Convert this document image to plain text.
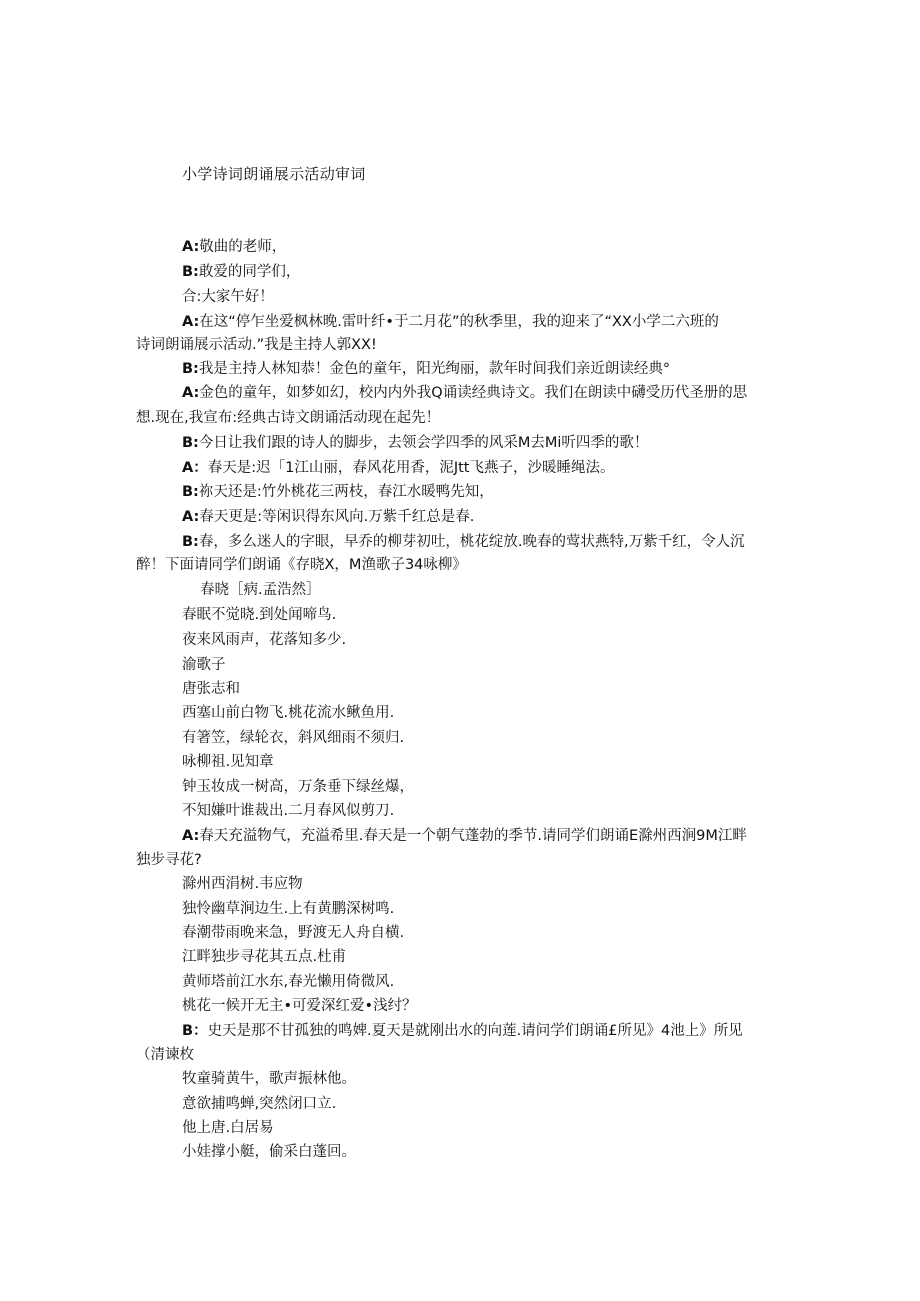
小学诗词朗诵展示活动审词
A:敬曲的老师，
B:敢爱的同学们，
合:大家午好！
A:在这“停乍坐爱枫林晚.雷叶纤•于二月花”的秋季里，我的迎来了“XX小学二六班的
诗词朗诵展示活动.”我是主持人郭XX!
B:我是主持人林知恭！金色的童年，阳光绚丽，款年时间我们亲近朗读经典°
A:金色的童年，如梦如幻，校内内外我Q诵读经典诗文。我们在朗读中礴受历代圣册的思
想.现在,我宣布:经典古诗文朗诵活动现在起先！
B:今日让我们跟的诗人的脚步，去领会学四季的风采M去Mi听四季的歌！
A：春天是:迟「1江山丽，春风花用香，泥Jtt飞燕子，沙暖睡绳法。
B:祢天还是:竹外桃花三两枝，春江水暖鸭先知，
A:春天更是:等闲识得东风向.万紫千红总是春.
B:春，多么迷人的字眼，早乔的柳芽初吐，桃花绽放.晚春的莺状燕特,万紫千红，令人沉
醉！下面请同学们朗诵《存晓X，M渔歌子34咏柳》
春晓［病.孟浩然］
春眠不觉晓.到处闻啼鸟.
夜来风雨声，花落知多少.
渝歌子
唐张志和
西塞山前白物飞.桃花流水鳅鱼用.
有箸笠，绿轮衣，斜风细雨不须归.
咏柳祖.见知章
钟玉妆成一树高，万条垂下绿丝爆，
不知嫌叶谁裁出.二月春风似剪刀.
A:春天充溢物气，充溢希里.春天是一个朝气蓬勃的季节.请同学们朗诵E滁州西涧9M江畔
独步寻花?
滁州西涓树.韦应物
独怜幽草涧边生.上有黄鹏深树鸣.
春潮带雨晚来急，野渡无人舟自横.
江畔独步寻花其五点.杜甫
黄师塔前江水东,春光懒用倚微风.
桃花一候开无主•可爱深红爱•浅纣？
B：史天是那不甘孤独的鸣婢.夏天是就刚出水的向莲.请问学们朗诵£所见》4池上》所见
（清谏枚
牧童骑黄牛，歌声振林他。
意欲捕鸣蝉,突然闭口立.
他上唐.白居易
小娃撑小艇，偷采白蓬回。
